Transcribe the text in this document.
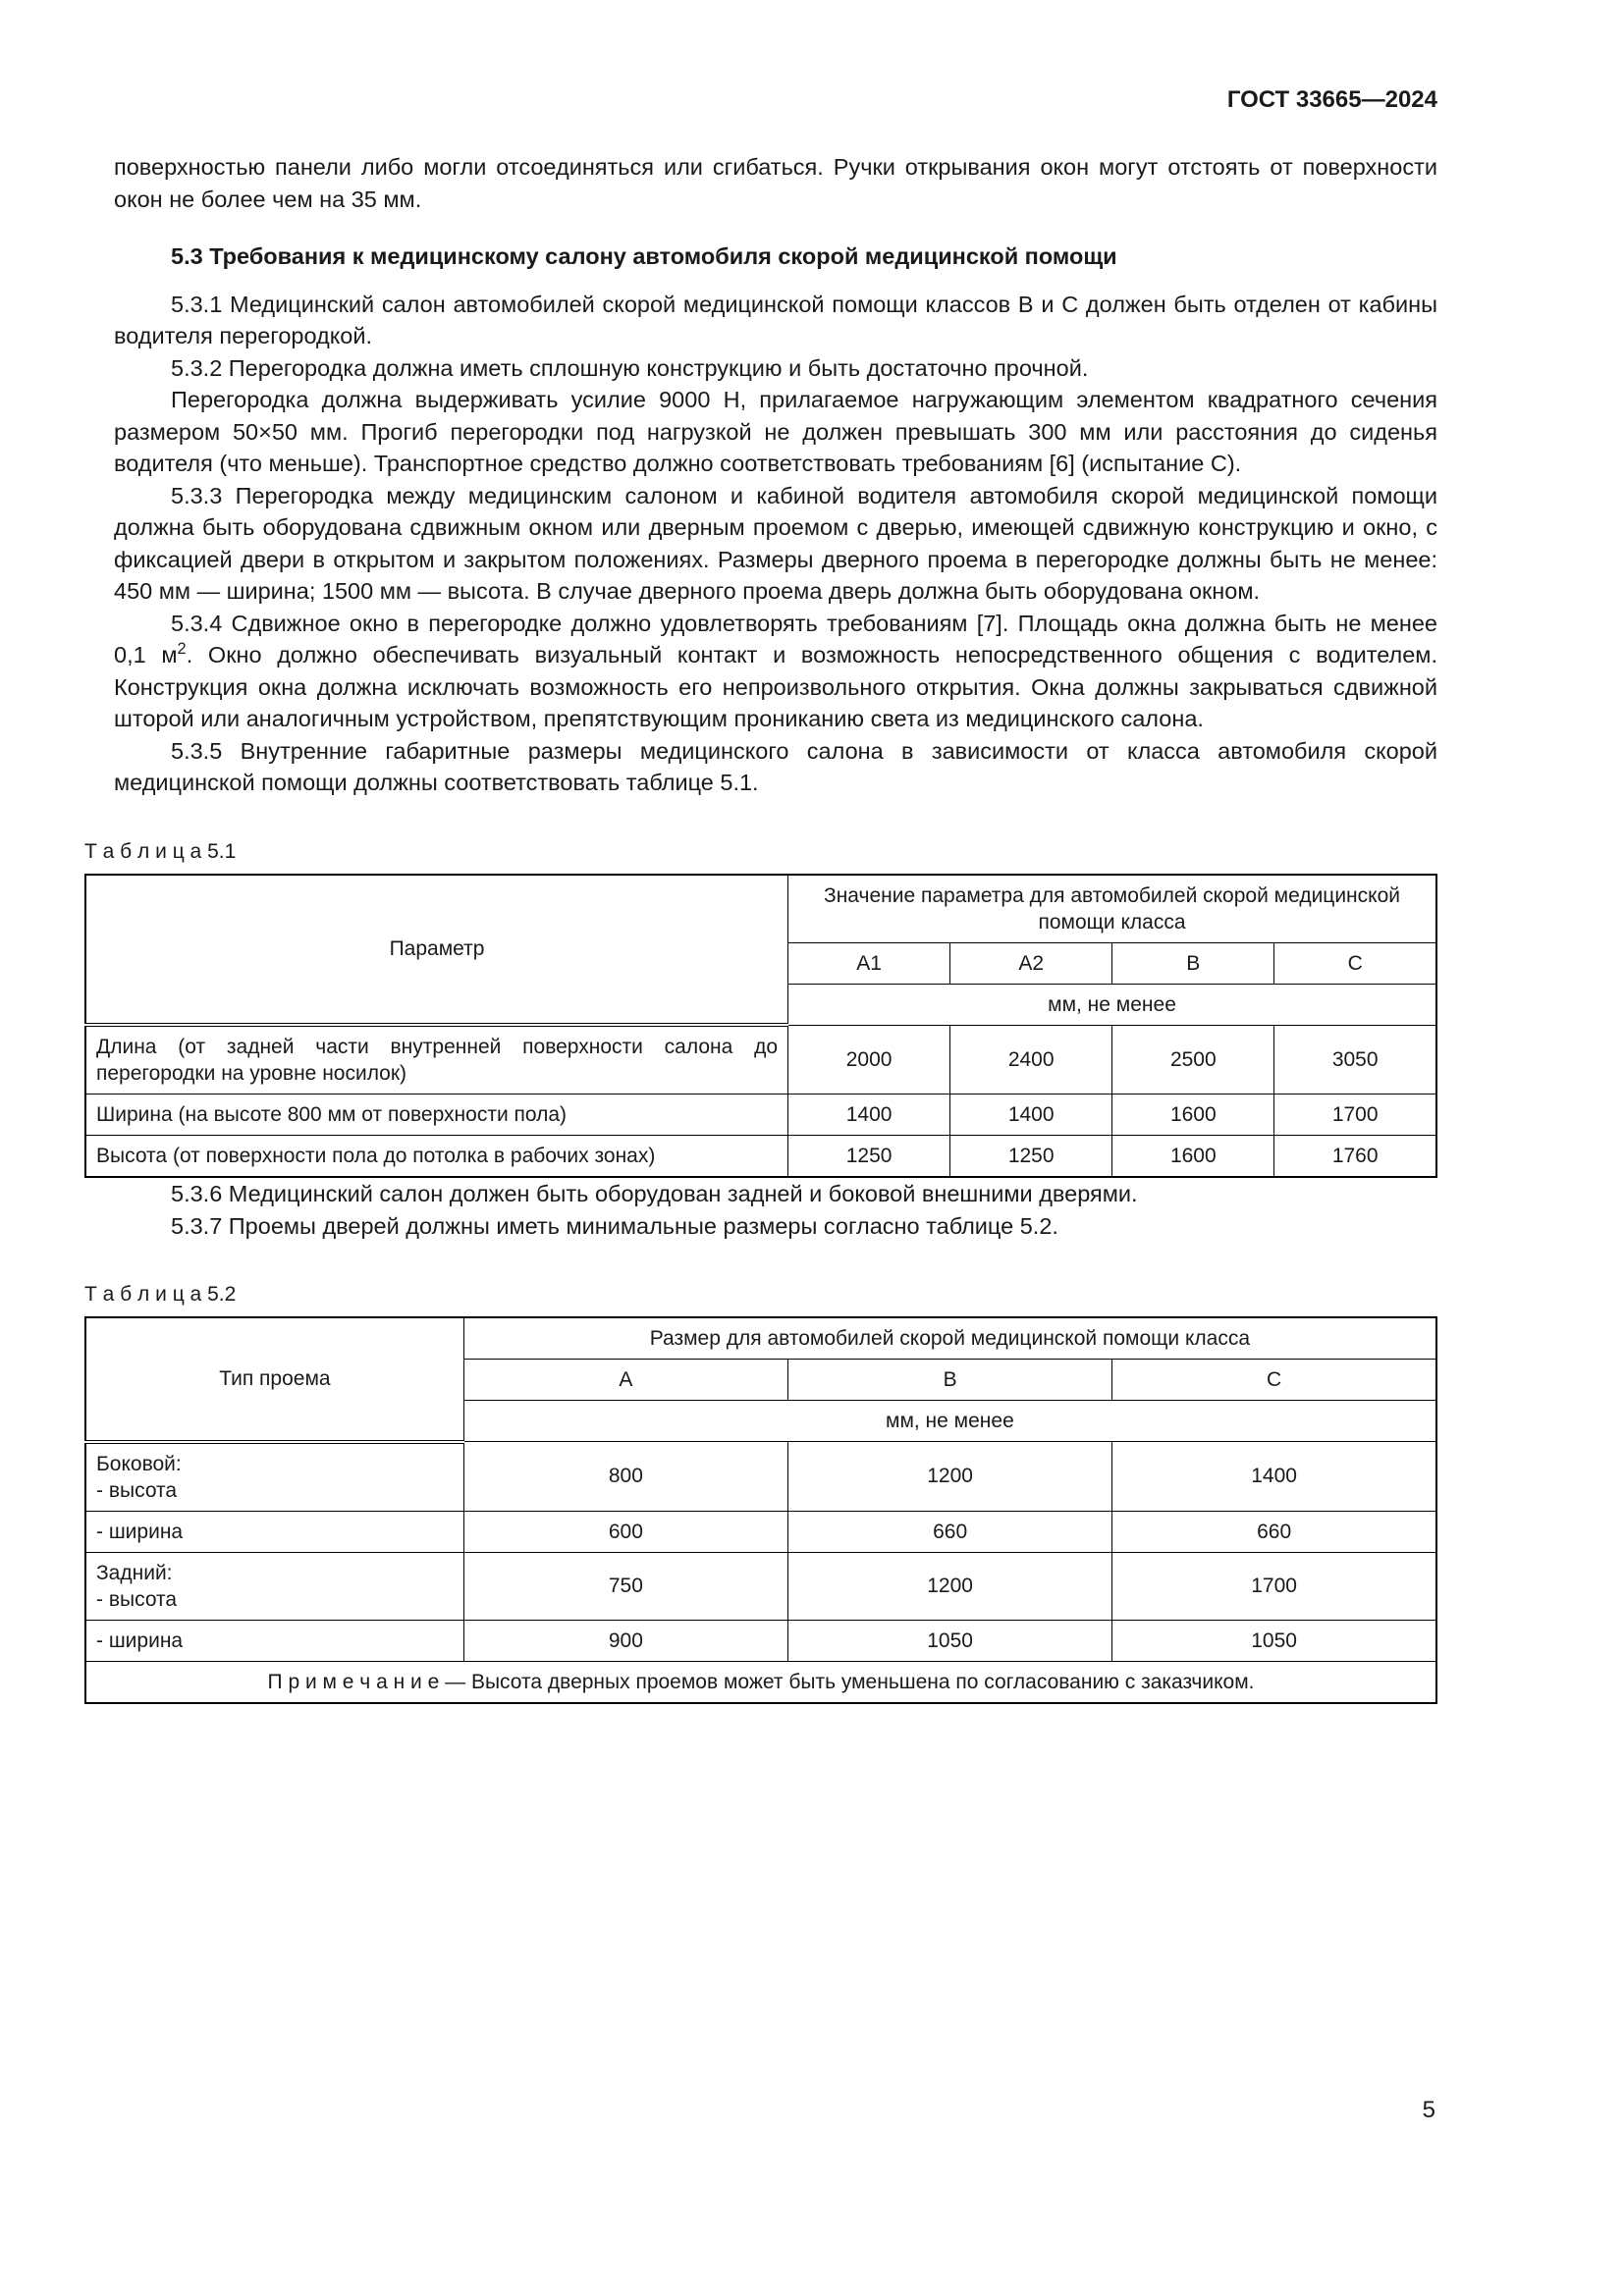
ГОСТ 33665—2024

поверхностью панели либо могли отсоединяться или сгибаться. Ручки открывания окон могут отстоять от поверхности окон не более чем на 35 мм.

5.3 Требования к медицинскому салону автомобиля скорой медицинской помощи

5.3.1 Медицинский салон автомобилей скорой медицинской помощи классов В и С должен быть отделен от кабины водителя перегородкой.

5.3.2 Перегородка должна иметь сплошную конструкцию и быть достаточно прочной.

Перегородка должна выдерживать усилие 9000 Н, прилагаемое нагружающим элементом квадратного сечения размером 50×50 мм. Прогиб перегородки под нагрузкой не должен превышать 300 мм или расстояния до сиденья водителя (что меньше). Транспортное средство должно соответствовать требованиям [6] (испытание С).

5.3.3 Перегородка между медицинским салоном и кабиной водителя автомобиля скорой медицинской помощи должна быть оборудована сдвижным окном или дверным проемом с дверью, имеющей сдвижную конструкцию и окно, с фиксацией двери в открытом и закрытом положениях. Размеры дверного проема в перегородке должны быть не менее: 450 мм — ширина; 1500 мм — высота. В случае дверного проема дверь должна быть оборудована окном.

5.3.4 Сдвижное окно в перегородке должно удовлетворять требованиям [7]. Площадь окна должна быть не менее 0,1 $м^2$. Окно должно обеспечивать визуальный контакт и возможность непосредственного общения с водителем. Конструкция окна должна исключать возможность его непроизвольного открытия. Окна должны закрываться сдвижной шторой или аналогичным устройством, препятствующим прониканию света из медицинского салона.

5.3.5 Внутренние габаритные размеры медицинского салона в зависимости от класса автомобиля скорой медицинской помощи должны соответствовать таблице 5.1.

Т а б л и ц а 5.1
Параметр	Значение параметра для автомобилей скорой медицинской помощи класса			
	А1	А2	В	С
	мм, не менее			
Длина (от задней части внутренней поверхности салона до перегородки на уровне носилок)	2000	2400	2500	3050
Ширина (на высоте 800 мм от поверхности пола)	1400	1400	1600	1700
Высота (от поверхности пола до потолка в рабочих зонах)	1250	1250	1600	1760

5.3.6 Медицинский салон должен быть оборудован задней и боковой внешними дверями.

5.3.7 Проемы дверей должны иметь минимальные размеры согласно таблице 5.2.

Т а б л и ц а 5.2
Тип проема	Размер для автомобилей скорой медицинской помощи класса		
	А	В	С
	мм, не менее		

Боковой:
- высота	800	1200	1400
- ширина	600	660	660

Задний:
- высота	750	1200	1700
- ширина	900	1050	1050
П р и м е ч а н и е — Высота дверных проемов может быть уменьшена по согласованию с заказчиком.			
5
